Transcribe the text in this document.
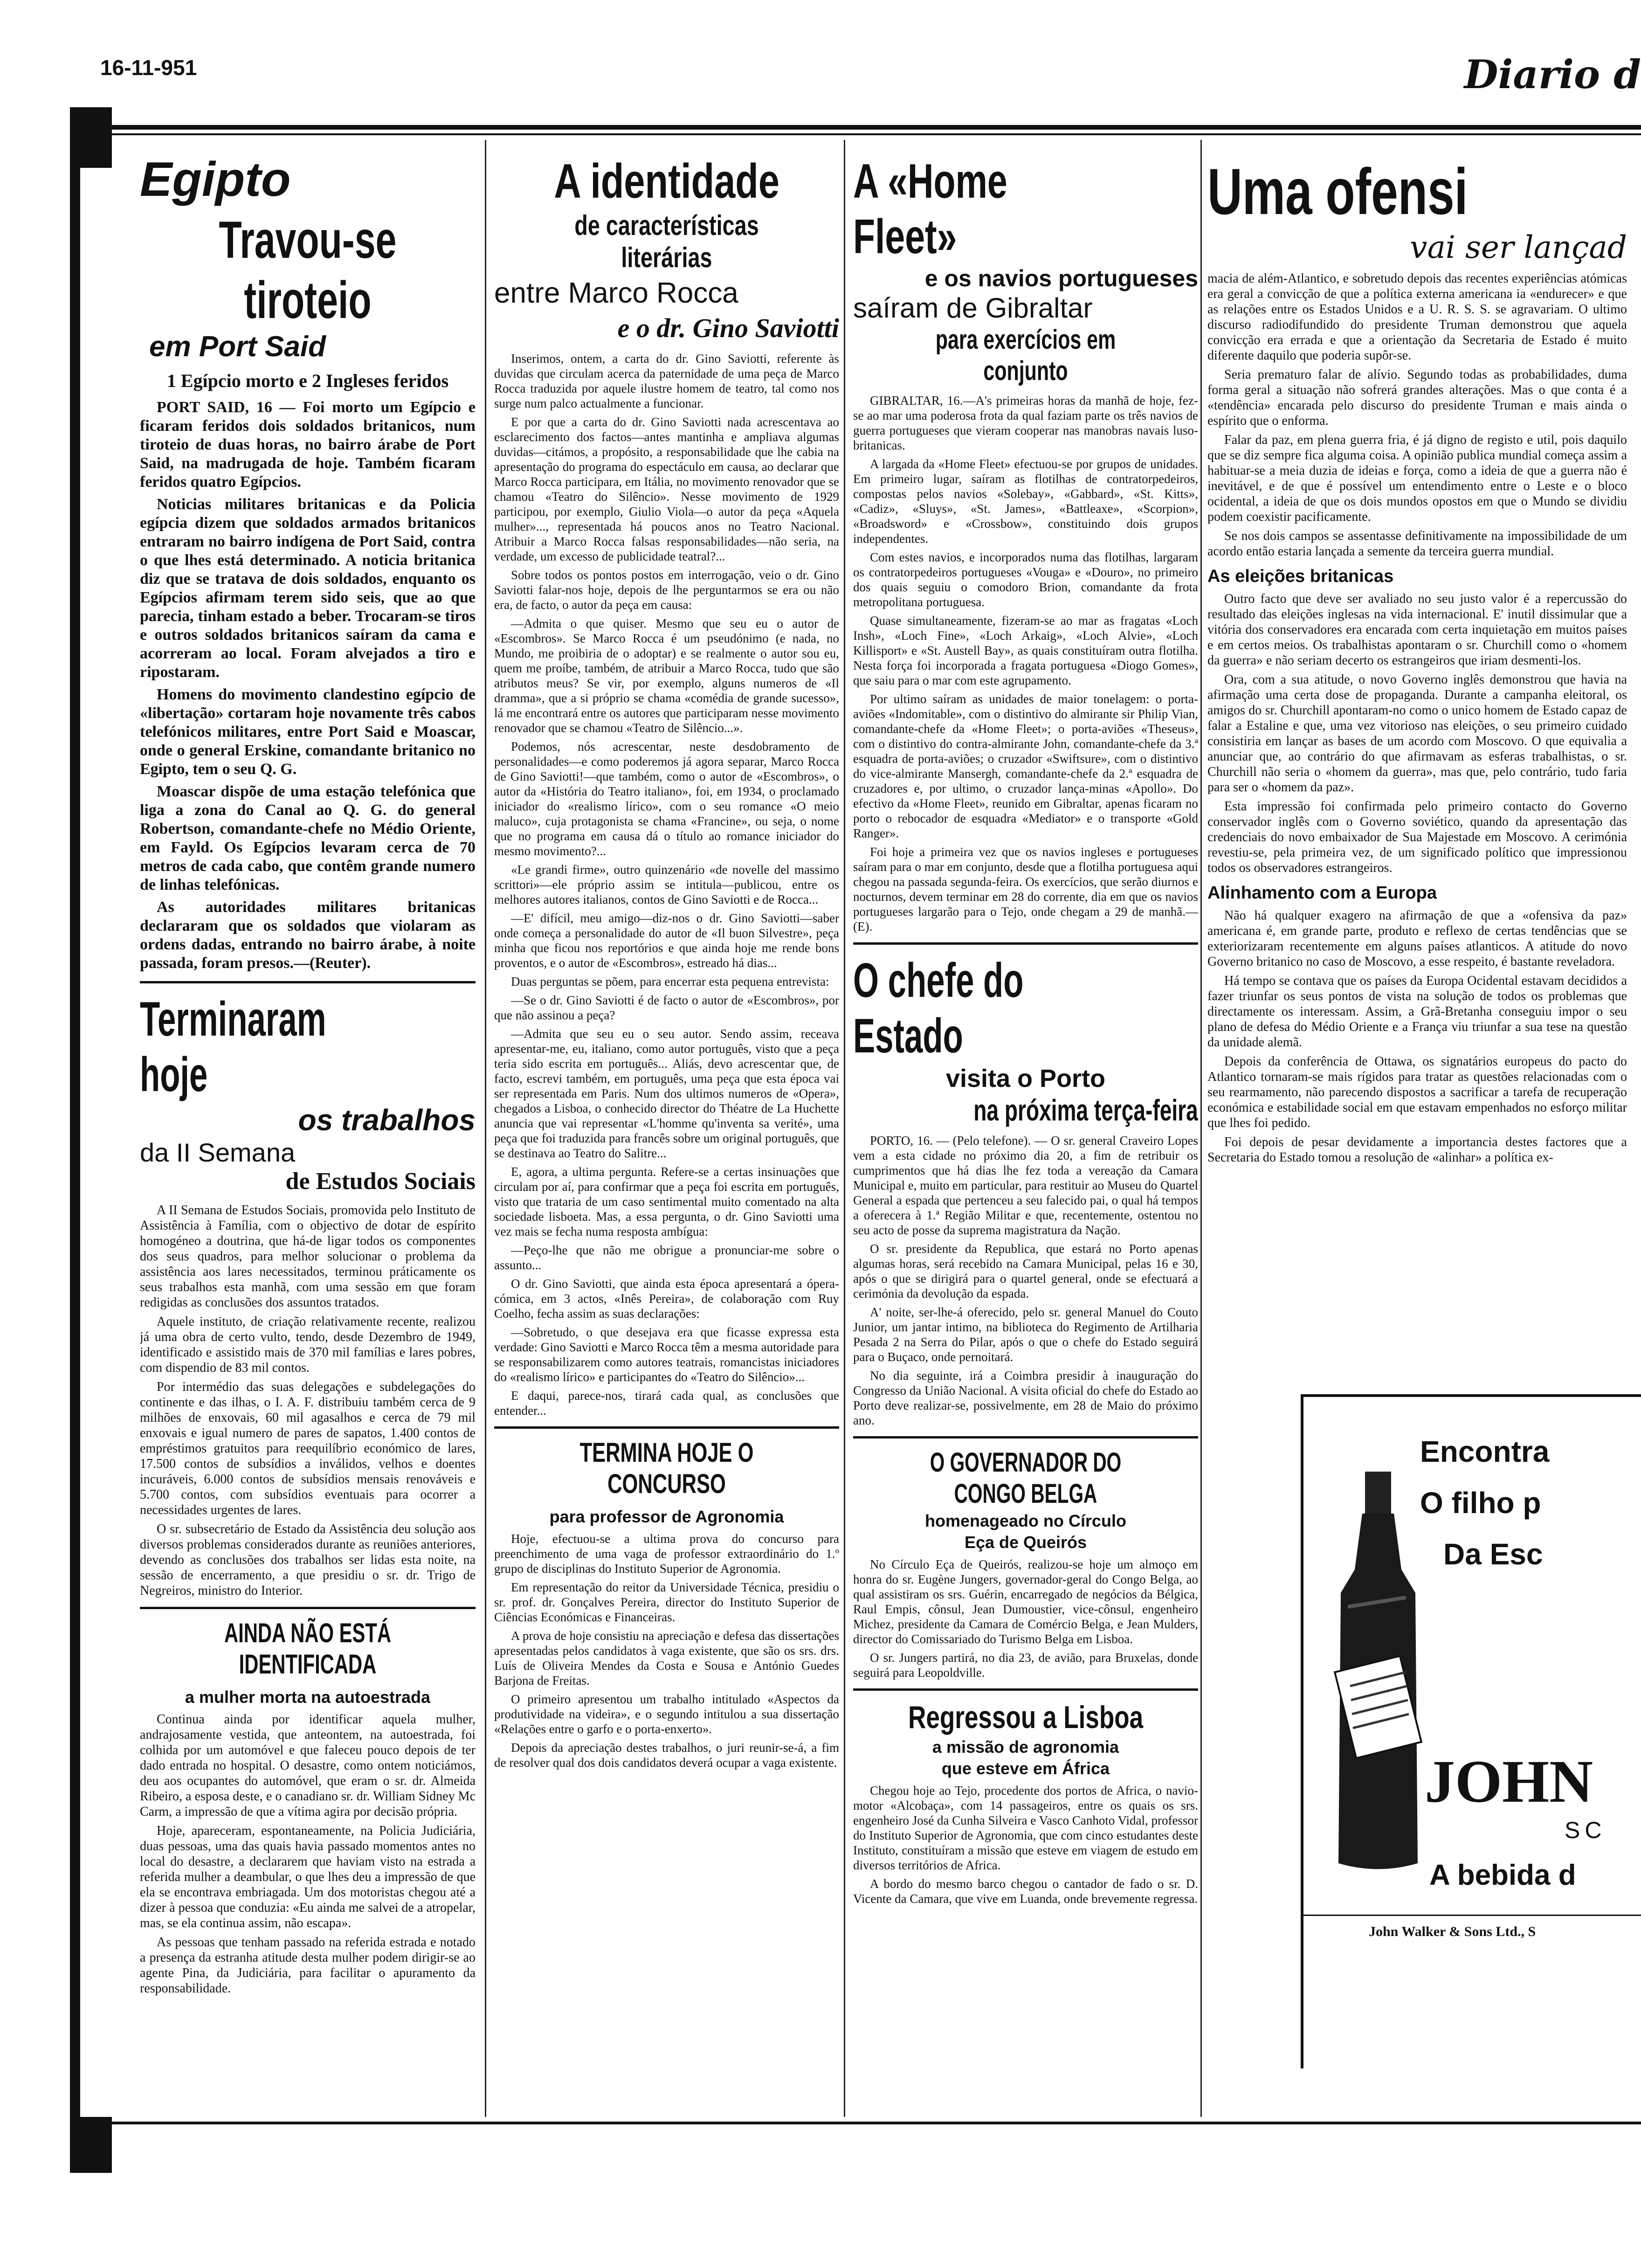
16-11-951	Diario d
Egipto
Travou-se tiroteio
em Port Said
1 Egípcio morto e 2 Ingleses feridos

PORT SAID, 16 — Foi morto um Egípcio e ficaram feridos dois soldados britanicos, num tiroteio de duas horas, no bairro árabe de Port Said, na madrugada de hoje. Também ficaram feridos quatro Egípcios.

Noticias militares britanicas e da Policia egípcia dizem que soldados armados britanicos entraram no bairro indígena de Port Said, contra o que lhes está determinado. A noticia britanica diz que se tratava de dois soldados, enquanto os Egípcios afirmam terem sido seis, que ao que parecia, tinham estado a beber. Trocaram-se tiros e outros soldados britanicos saíram da cama e acorreram ao local. Foram alvejados a tiro e ripostaram.

Homens do movimento clandestino egípcio de «libertação» cortaram hoje novamente três cabos telefónicos militares, entre Port Said e Moascar, onde o general Erskine, comandante britanico no Egipto, tem o seu Q. G.

Moascar dispõe de uma estação telefónica que liga a zona do Canal ao Q. G. do general Robertson, comandante-chefe no Médio Oriente, em Fayld. Os Egípcios levaram cerca de 70 metros de cada cabo, que contêm grande numero de linhas telefónicas.

As autoridades militares britanicas declararam que os soldados que violaram as ordens dadas, entrando no bairro árabe, à noite passada, foram presos.—(Reuter).

Terminaram hoje
os trabalhos
da II Semana
de Estudos Sociais

A II Semana de Estudos Sociais, promovida pelo Instituto de Assistência à Família, com o objectivo de dotar de espírito homogéneo a doutrina, que há-de ligar todos os componentes dos seus quadros, para melhor solucionar o problema da assistência aos lares necessitados, terminou práticamente os seus trabalhos esta manhã, com uma sessão em que foram redigidas as conclusões dos assuntos tratados.

Aquele instituto, de criação relativamente recente, realizou já uma obra de certo vulto, tendo, desde Dezembro de 1949, identificado e assistido mais de 370 mil famílias e lares pobres, com dispendio de 83 mil contos.

Por intermédio das suas delegações e subdelegações do continente e das ilhas, o I. A. F. distribuiu também cerca de 9 milhões de enxovais, 60 mil agasalhos e cerca de 79 mil enxovais e igual numero de pares de sapatos, 1.400 contos de empréstimos gratuitos para reequilíbrio económico de lares, 17.500 contos de subsídios a inválidos, velhos e doentes incuráveis, 6.000 contos de subsídios mensais renováveis e 5.700 contos, com subsídios eventuais para ocorrer a necessidades urgentes de lares.

O sr. subsecretário de Estado da Assistência deu solução aos diversos problemas considerados durante as reuniões anteriores, devendo as conclusões dos trabalhos ser lidas esta noite, na sessão de encerramento, a que presidiu o sr. dr. Trigo de Negreiros, ministro do Interior.

AINDA NÃO ESTÁ IDENTIFICADA
a mulher morta na autoestrada

Continua ainda por identificar aquela mulher, andrajosamente vestida, que anteontem, na autoestrada, foi colhida por um automóvel e que faleceu pouco depois de ter dado entrada no hospital. O desastre, como ontem noticiámos, deu aos ocupantes do automóvel, que eram o sr. dr. Almeida Ribeiro, a esposa deste, e o canadiano sr. dr. William Sidney Mc Carm, a impressão de que a vítima agira por decisão própria.

Hoje, apareceram, espontaneamente, na Policia Judiciária, duas pessoas, uma das quais havia passado momentos antes no local do desastre, a declararem que haviam visto na estrada a referida mulher a deambular, o que lhes deu a impressão de que ela se encontrava embriagada. Um dos motoristas chegou até a dizer à pessoa que conduzia: «Eu ainda me salvei de a atropelar, mas, se ela continua assim, não escapa».

As pessoas que tenham passado na referida estrada e notado a presença da estranha atitude desta mulher podem dirigir-se ao agente Pina, da Judiciária, para facilitar o apuramento da responsabilidade.

A identidade
de características literárias
entre Marco Rocca
e o dr. Gino Saviotti

Inserimos, ontem, a carta do dr. Gino Saviotti, referente às duvidas que circulam acerca da paternidade de uma peça de Marco Rocca traduzida por aquele ilustre homem de teatro, tal como nos surge num palco actualmente a funcionar.

E por que a carta do dr. Gino Saviotti nada acrescentava ao esclarecimento dos factos—antes mantinha e ampliava algumas duvidas—citámos, a propósito, a responsabilidade que lhe cabia na apresentação do programa do espectáculo em causa, ao declarar que Marco Rocca participara, em Itália, no movimento renovador que se chamou «Teatro do Silêncio». Nesse movimento de 1929 participou, por exemplo, Giulio Viola—o autor da peça «Aquela mulher»..., representada há poucos anos no Teatro Nacional. Atribuir a Marco Rocca falsas responsabilidades—não seria, na verdade, um excesso de publicidade teatral?...

Sobre todos os pontos postos em interrogação, veio o dr. Gino Saviotti falar-nos hoje, depois de lhe perguntarmos se era ou não era, de facto, o autor da peça em causa:

—Admita o que quiser. Mesmo que seu eu o autor de «Escombros». Se Marco Rocca é um pseudónimo (e nada, no Mundo, me proibiria de o adoptar) e se realmente o autor sou eu, quem me proíbe, também, de atribuir a Marco Rocca, tudo que são atributos meus? Se vir, por exemplo, alguns numeros de «Il dramma», que a si próprio se chama «comédia de grande sucesso», lá me encontrará entre os autores que participaram nesse movimento renovador que se chamou «Teatro de Silêncio...».

Podemos, nós acrescentar, neste desdobramento de personalidades—e como poderemos já agora separar, Marco Rocca de Gino Saviotti!—que também, como o autor de «Escombros», o autor da «História do Teatro italiano», foi, em 1934, o proclamado iniciador do «realismo lírico», com o seu romance «O meio maluco», cuja protagonista se chama «Francine», ou seja, o nome que no programa em causa dá o título ao romance iniciador do mesmo movimento?...

«Le grandi firme», outro quinzenário «de novelle del massimo scrittori»—ele próprio assim se intitula—publicou, entre os melhores autores italianos, contos de Gino Saviotti e de Rocca...

—E' difícil, meu amigo—diz-nos o dr. Gino Saviotti—saber onde começa a personalidade do autor de «Il buon Silvestre», peça minha que ficou nos reportórios e que ainda hoje me rende bons proventos, e o autor de «Escombros», estreado há dias...

Duas perguntas se põem, para encerrar esta pequena entrevista:

—Se o dr. Gino Saviotti é de facto o autor de «Escombros», por que não assinou a peça?

—Admita que seu eu o seu autor. Sendo assim, receava apresentar-me, eu, italiano, como autor português, visto que a peça teria sido escrita em português... Aliás, devo acrescentar que, de facto, escrevi também, em português, uma peça que esta época vai ser representada em Paris. Num dos ultimos numeros de «Opera», chegados a Lisboa, o conhecido director do Théatre de La Huchette anuncia que vai representar «L'homme qu'inventa sa verité», uma peça que foi traduzida para francês sobre um original português, que se destinava ao Teatro do Salitre...

E, agora, a ultima pergunta. Refere-se a certas insinuações que circulam por aí, para confirmar que a peça foi escrita em português, visto que trataria de um caso sentimental muito comentado na alta sociedade lisboeta. Mas, a essa pergunta, o dr. Gino Saviotti uma vez mais se fecha numa resposta ambígua:

—Peço-lhe que não me obrigue a pronunciar-me sobre o assunto...

O dr. Gino Saviotti, que ainda esta época apresentará a ópera-cómica, em 3 actos, «Inês Pereira», de colaboração com Ruy Coelho, fecha assim as suas declarações:

—Sobretudo, o que desejava era que ficasse expressa esta verdade: Gino Saviotti e Marco Rocca têm a mesma autoridade para se responsabilizarem como autores teatrais, romancistas iniciadores do «realismo lírico» e participantes do «Teatro do Silêncio»...

E daqui, parece-nos, tirará cada qual, as conclusões que entender...

TERMINA HOJE O CONCURSO
para professor de Agronomia

Hoje, efectuou-se a ultima prova do concurso para preenchimento de uma vaga de professor extraordinário do 1.º grupo de disciplinas do Instituto Superior de Agronomia.

Em representação do reitor da Universidade Técnica, presidiu o sr. prof. dr. Gonçalves Pereira, director do Instituto Superior de Ciências Económicas e Financeiras.

A prova de hoje consistiu na apreciação e defesa das dissertações apresentadas pelos candidatos à vaga existente, que são os srs. drs. Luís de Oliveira Mendes da Costa e Sousa e António Guedes Barjona de Freitas.

O primeiro apresentou um trabalho intitulado «Aspectos da produtividade na videira», e o segundo intitulou a sua dissertação «Relações entre o garfo e o porta-enxerto».

Depois da apreciação destes trabalhos, o juri reunir-se-á, a fim de resolver qual dos dois candidatos deverá ocupar a vaga existente.

A «Home Fleet»
e os navios portugueses
saíram de Gibraltar
para exercícios em conjunto

GIBRALTAR, 16.—A's primeiras horas da manhã de hoje, fez-se ao mar uma poderosa frota da qual faziam parte os três navios de guerra portugueses que vieram cooperar nas manobras navais luso-britanicas.

A largada da «Home Fleet» efectuou-se por grupos de unidades. Em primeiro lugar, saíram as flotilhas de contratorpedeiros, compostas pelos navios «Solebay», «Gabbard», «St. Kitts», «Cadiz», «Sluys», «St. James», «Battleaxe», «Scorpion», «Broadsword» e «Crossbow», constituindo dois grupos independentes.

Com estes navios, e incorporados numa das flotilhas, largaram os contratorpedeiros portugueses «Vouga» e «Douro», no primeiro dos quais seguiu o comodoro Brion, comandante da frota metropolitana portuguesa.

Quase simultaneamente, fizeram-se ao mar as fragatas «Loch Insh», «Loch Fine», «Loch Arkaig», «Loch Alvie», «Loch Killisport» e «St. Austell Bay», as quais constituíram outra flotilha. Nesta força foi incorporada a fragata portuguesa «Diogo Gomes», que saiu para o mar com este agrupamento.

Por ultimo saíram as unidades de maior tonelagem: o porta-aviões «Indomitable», com o distintivo do almirante sir Philip Vian, comandante-chefe da «Home Fleet»; o porta-aviões «Theseus», com o distintivo do contra-almirante John, comandante-chefe da 3.ª esquadra de porta-aviões; o cruzador «Swiftsure», com o distintivo do vice-almirante Mansergh, comandante-chefe da 2.ª esquadra de cruzadores e, por ultimo, o cruzador lança-minas «Apollo». Do efectivo da «Home Fleet», reunido em Gibraltar, apenas ficaram no porto o rebocador de esquadra «Mediator» e o transporte «Gold Ranger».

Foi hoje a primeira vez que os navios ingleses e portugueses saíram para o mar em conjunto, desde que a flotilha portuguesa aqui chegou na passada segunda-feira. Os exercícios, que serão diurnos e nocturnos, devem terminar em 28 do corrente, dia em que os navios portugueses largarão para o Tejo, onde chegam a 29 de manhã.—(E).

O chefe do Estado
visita o Porto
na próxima terça-feira

PORTO, 16. — (Pelo telefone). — O sr. general Craveiro Lopes vem a esta cidade no próximo dia 20, a fim de retribuir os cumprimentos que há dias lhe fez toda a vereação da Camara Municipal e, muito em particular, para restituir ao Museu do Quartel General a espada que pertenceu a seu falecido pai, o qual há tempos a oferecera à 1.ª Região Militar e que, recentemente, ostentou no seu acto de posse da suprema magistratura da Nação.

O sr. presidente da Republica, que estará no Porto apenas algumas horas, será recebido na Camara Municipal, pelas 16 e 30, após o que se dirigirá para o quartel general, onde se efectuará a cerimónia da devolução da espada.

A' noite, ser-lhe-á oferecido, pelo sr. general Manuel do Couto Junior, um jantar intimo, na biblioteca do Regimento de Artilharia Pesada 2 na Serra do Pilar, após o que o chefe do Estado seguirá para o Buçaco, onde pernoitará.

No dia seguinte, irá a Coimbra presidir à inauguração do Congresso da União Nacional. A visita oficial do chefe do Estado ao Porto deve realizar-se, possivelmente, em 28 de Maio do próximo ano.

O GOVERNADOR DO CONGO BELGA
homenageado no Círculo
Eça de Queirós

No Círculo Eça de Queirós, realizou-se hoje um almoço em honra do sr. Eugène Jungers, governador-geral do Congo Belga, ao qual assistiram os srs. Guérin, encarregado de negócios da Bélgica, Raul Empis, cônsul, Jean Dumoustier, vice-cônsul, engenheiro Michez, presidente da Camara de Comércio Belga, e Jean Mulders, director do Comissariado do Turismo Belga em Lisboa.

O sr. Jungers partirá, no dia 23, de avião, para Bruxelas, donde seguirá para Leopoldville.

Regressou a Lisboa
a missão de agronomia
que esteve em África

Chegou hoje ao Tejo, procedente dos portos de Africa, o navio-motor «Alcobaça», com 14 passageiros, entre os quais os srs. engenheiro José da Cunha Silveira e Vasco Canhoto Vidal, professor do Instituto Superior de Agronomia, que com cinco estudantes deste Instituto, constituíram a missão que esteve em viagem de estudo em diversos territórios de Africa.

A bordo do mesmo barco chegou o cantador de fado o sr. D. Vicente da Camara, que vive em Luanda, onde brevemente regressa.

Uma ofensi
vai ser lançad

macia de além-Atlantico, e sobretudo depois das recentes experiências atómicas era geral a convicção de que a política externa americana ia «endurecer» e que as relações entre os Estados Unidos e a U. R. S. S. se agravariam. O ultimo discurso radiodifundido do presidente Truman demonstrou que aquela convicção era errada e que a orientação da Secretaria de Estado é muito diferente daquilo que poderia supôr-se.

Seria prematuro falar de alívio. Segundo todas as probabilidades, duma forma geral a situação não sofrerá grandes alterações. Mas o que conta é a «tendência» encarada pelo discurso do presidente Truman e mais ainda o espírito que o enforma.

Falar da paz, em plena guerra fria, é já digno de registo e util, pois daquilo que se diz sempre fica alguma coisa. A opinião publica mundial começa assim a habituar-se a meia duzia de ideias e força, como a ideia de que a guerra não é inevitável, e de que é possível um entendimento entre o Leste e o bloco ocidental, a ideia de que os dois mundos opostos em que o Mundo se dividiu podem coexistir pacificamente.

Se nos dois campos se assentasse definitivamente na impossibilidade de um acordo então estaria lançada a semente da terceira guerra mundial.

As eleições britanicas

Outro facto que deve ser avaliado no seu justo valor é a repercussão do resultado das eleições inglesas na vida internacional. E' inutil dissimular que a vitória dos conservadores era encarada com certa inquietação em muitos países e em certos meios. Os trabalhistas apontaram o sr. Churchill como o «homem da guerra» e não seriam decerto os estrangeiros que iriam desmenti-los.

Ora, com a sua atitude, o novo Governo inglês demonstrou que havia na afirmação uma certa dose de propaganda. Durante a campanha eleitoral, os amigos do sr. Churchill apontaram-no como o unico homem de Estado capaz de falar a Estaline e que, uma vez vitorioso nas eleições, o seu primeiro cuidado consistiria em lançar as bases de um acordo com Moscovo. O que equivalia a anunciar que, ao contrário do que afirmavam as esferas trabalhistas, o sr. Churchill não seria o «homem da guerra», mas que, pelo contrário, tudo faria para ser o «homem da paz».

Esta impressão foi confirmada pelo primeiro contacto do Governo conservador inglês com o Governo soviético, quando da apresentação das credenciais do novo embaixador de Sua Majestade em Moscovo. A cerimónia revestiu-se, pela primeira vez, de um significado político que impressionou todos os observadores estrangeiros.

Alinhamento com a Europa

Não há qualquer exagero na afirmação de que a «ofensiva da paz» americana é, em grande parte, produto e reflexo de certas tendências que se exteriorizaram recentemente em alguns países atlanticos. A atitude do novo Governo britanico no caso de Moscovo, a esse respeito, é bastante reveladora.

Há tempo se contava que os países da Europa Ocidental estavam decididos a fazer triunfar os seus pontos de vista na solução de todos os problemas que directamente os interessam. Assim, a Grã-Bretanha conseguiu impor o seu plano de defesa do Médio Oriente e a França viu triunfar a sua tese na questão da unidade alemã.

Depois da conferência de Ottawa, os signatários europeus do pacto do Atlantico tornaram-se mais rígidos para tratar as questões relacionadas com o seu rearmamento, não parecendo dispostos a sacrificar a tarefa de recuperação económica e estabilidade social em que estavam empenhados no esforço militar que lhes foi pedido.

Foi depois de pesar devidamente a importancia destes factores que a Secretaria do Estado tomou a resolução de «alinhar» a política ex-

Encontra
O filho p
Da Esc
JOHN
SC
A bebida d
John Walker & Sons Ltd., S
